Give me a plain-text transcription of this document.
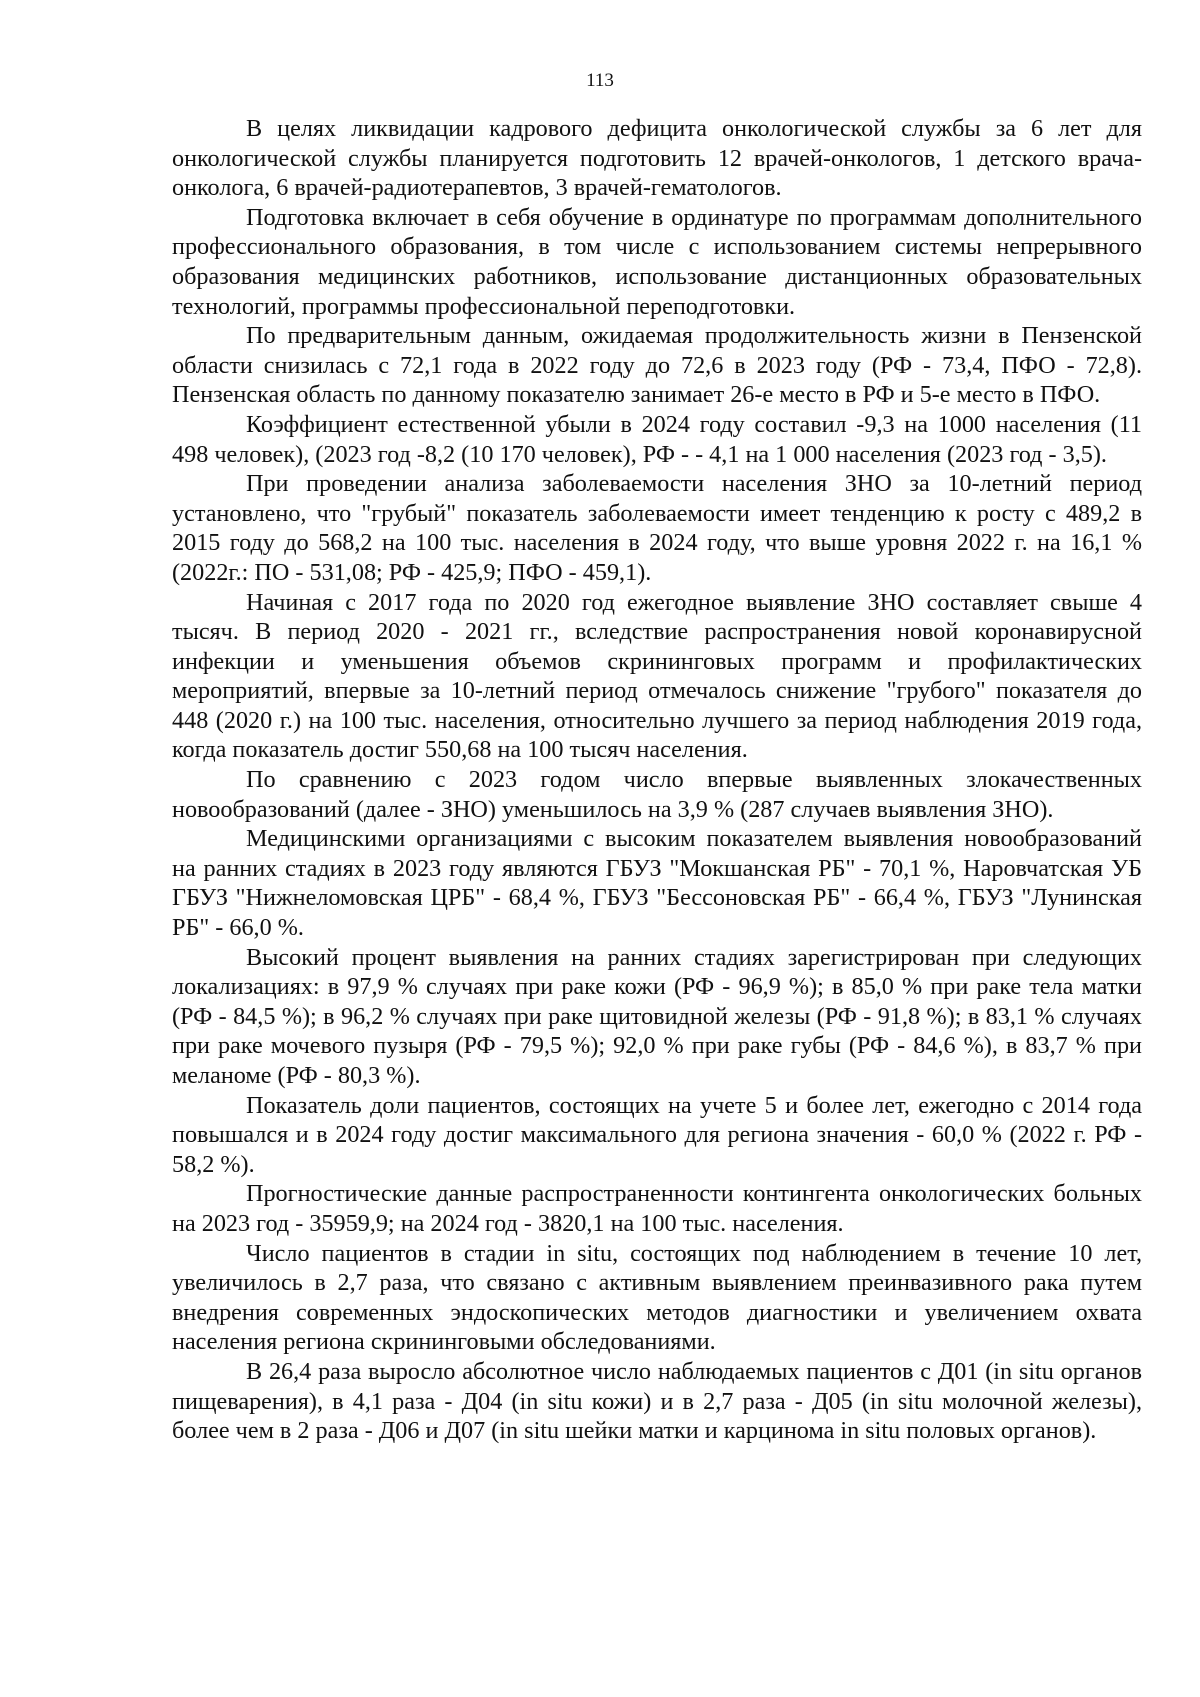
113

В целях ликвидации кадрового дефицита онкологической службы за 6 лет для онкологической службы планируется подготовить 12 врачей-онкологов, 1 детского врача-онколога, 6 врачей-радиотерапевтов, 3 врачей-гематологов.

Подготовка включает в себя обучение в ординатуре по программам дополнительного профессионального образования, в том числе с использованием системы непрерывного образования медицинских работников, использование дистанционных образовательных технологий, программы профессиональной переподготовки.

По предварительным данным, ожидаемая продолжительность жизни в Пензенской области снизилась с 72,1 года в 2022 году до 72,6 в 2023 году (РФ - 73,4, ПФО - 72,8). Пензенская область по данному показателю занимает 26-е место в РФ и 5-е место в ПФО.

Коэффициент естественной убыли в 2024 году составил -9,3 на 1000 населения (11 498 человек), (2023 год -8,2 (10 170 человек), РФ - - 4,1 на 1 000 населения (2023 год - 3,5).

При проведении анализа заболеваемости населения ЗНО за 10-летний период установлено, что "грубый" показатель заболеваемости имеет тенденцию к росту с 489,2 в 2015 году до 568,2 на 100 тыс. населения в 2024 году, что выше уровня 2022 г. на 16,1 % (2022г.: ПО - 531,08; РФ - 425,9; ПФО - 459,1).

Начиная с 2017 года по 2020 год ежегодное выявление ЗНО составляет свыше 4 тысяч. В период 2020 - 2021 гг., вследствие распространения новой коронавирусной инфекции и уменьшения объемов скрининговых программ и профилактических мероприятий, впервые за 10-летний период отмечалось снижение "грубого" показателя до 448 (2020 г.) на 100 тыс. населения, относительно лучшего за период наблюдения 2019 года, когда показатель достиг 550,68 на 100 тысяч населения.

По сравнению с 2023 годом число впервые выявленных злокачественных новообразований (далее - ЗНО) уменьшилось на 3,9 % (287 случаев выявления ЗНО).

Медицинскими организациями с высоким показателем выявления новообразований на ранних стадиях в 2023 году являются ГБУЗ "Мокшанская РБ" - 70,1 %, Наровчатская УБ ГБУЗ "Нижнеломовская ЦРБ" - 68,4 %, ГБУЗ "Бессоновская РБ" - 66,4 %, ГБУЗ "Лунинская РБ" - 66,0 %.

Высокий процент выявления на ранних стадиях зарегистрирован при следующих локализациях: в 97,9 % случаях при раке кожи (РФ - 96,9 %); в 85,0 % при раке тела матки (РФ - 84,5 %); в 96,2 % случаях при раке щитовидной железы (РФ - 91,8 %); в 83,1 % случаях при раке мочевого пузыря (РФ - 79,5 %); 92,0 % при раке губы (РФ - 84,6 %), в 83,7 % при меланоме (РФ - 80,3 %).

Показатель доли пациентов, состоящих на учете 5 и более лет, ежегодно с 2014 года повышался и в 2024 году достиг максимального для региона значения - 60,0 % (2022 г. РФ - 58,2 %).

Прогностические данные распространенности контингента онкологических больных на 2023 год - 35959,9; на 2024 год - 3820,1 на 100 тыс. населения.

Число пациентов в стадии in situ, состоящих под наблюдением в течение 10 лет, увеличилось в 2,7 раза, что связано с активным выявлением преинвазивного рака путем внедрения современных эндоскопических методов диагностики и увеличением охвата населения региона скрининговыми обследованиями.

В 26,4 раза выросло абсолютное число наблюдаемых пациентов с Д01 (in situ органов пищеварения), в 4,1 раза - Д04 (in situ кожи) и в 2,7 раза - Д05 (in situ молочной железы), более чем в 2 раза - Д06 и Д07 (in situ шейки матки и карцинома in situ половых органов).
